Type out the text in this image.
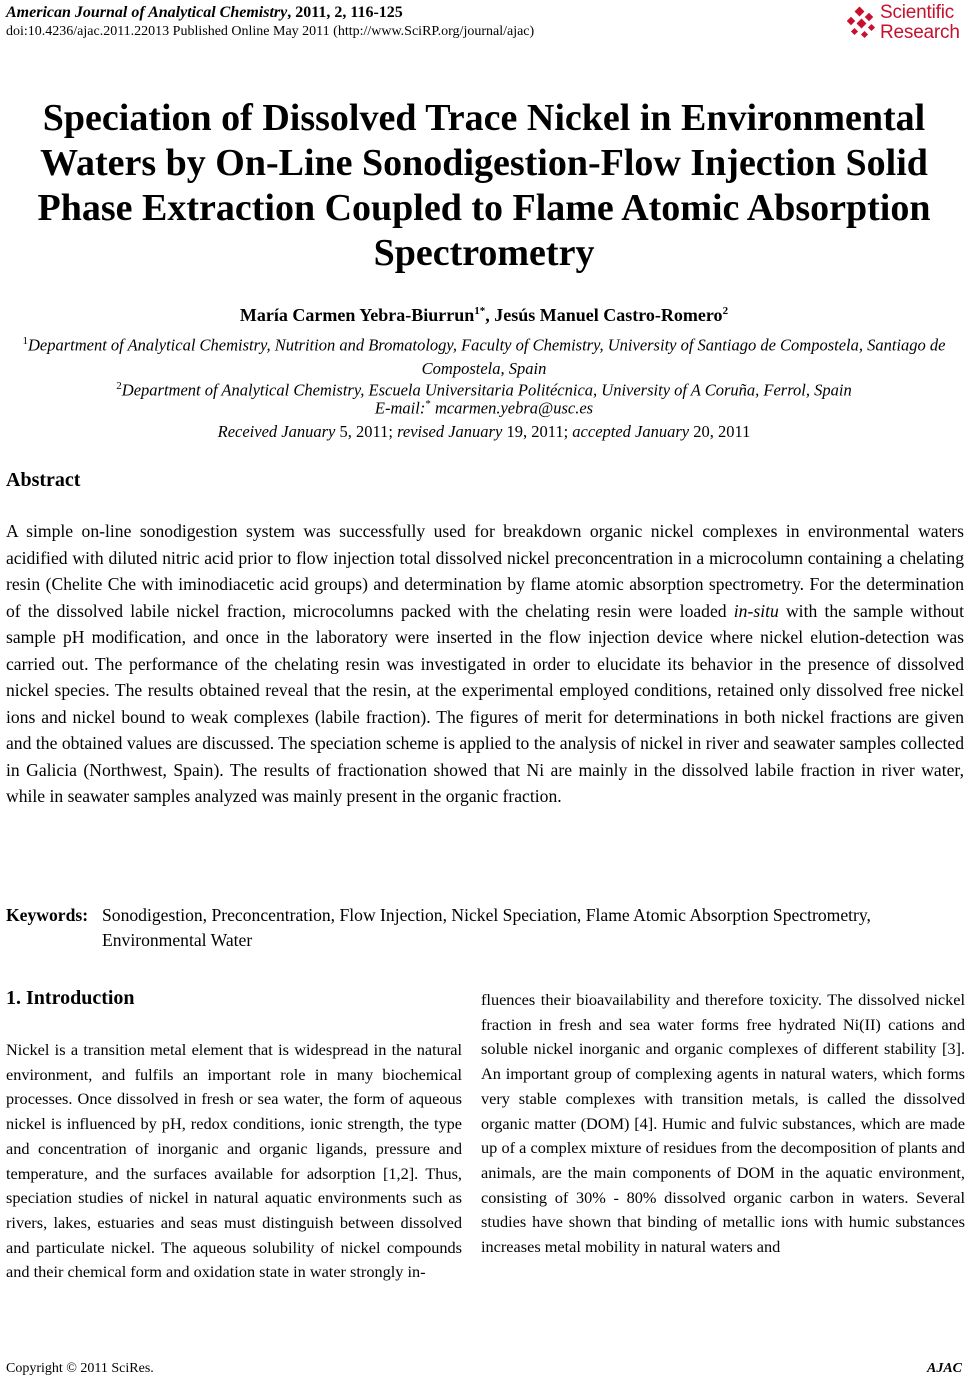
American Journal of Analytical Chemistry, 2011, 2, 116-125
doi:10.4236/ajac.2011.22013 Published Online May 2011 (http://www.SciRP.org/journal/ajac)
Scientific
Research
Speciation of Dissolved Trace Nickel in Environmental Waters by On-Line Sonodigestion-Flow Injection Solid Phase Extraction Coupled to Flame Atomic Absorption Spectrometry
María Carmen Yebra-Biurrun$^{1*}$, Jesús Manuel Castro-Romero$^2$
$^1$Department of Analytical Chemistry, Nutrition and Bromatology, Faculty of Chemistry, University of Santiago de Compostela, Santiago de Compostela, Spain
$^2$Department of Analytical Chemistry, Escuela Universitaria Politécnica, University of A Coruña, Ferrol, Spain
E-mail:* mcarmen.yebra@usc.es
Received January 5, 2011; revised January 19, 2011; accepted January 20, 2011
Abstract
A simple on-line sonodigestion system was successfully used for breakdown organic nickel complexes in environmental waters acidified with diluted nitric acid prior to flow injection total dissolved nickel preconcentration in a microcolumn containing a chelating resin (Chelite Che with iminodiacetic acid groups) and determination by flame atomic absorption spectrometry. For the determination of the dissolved labile nickel fraction, microcolumns packed with the chelating resin were loaded in-situ with the sample without sample pH modification, and once in the laboratory were inserted in the flow injection device where nickel elution-detection was carried out. The performance of the chelating resin was investigated in order to elucidate its behavior in the presence of dissolved nickel species. The results obtained reveal that the resin, at the experimental employed conditions, retained only dissolved free nickel ions and nickel bound to weak complexes (labile fraction). The figures of merit for determinations in both nickel fractions are given and the obtained values are discussed. The speciation scheme is applied to the analysis of nickel in river and seawater samples collected in Galicia (Northwest, Spain). The results of fractionation showed that Ni are mainly in the dissolved labile fraction in river water, while in seawater samples analyzed was mainly present in the organic fraction.
Keywords: Sonodigestion, Preconcentration, Flow Injection, Nickel Speciation, Flame Atomic Absorption Spectrometry, Environmental Water
1. Introduction
Nickel is a transition metal element that is widespread in the natural environment, and fulfils an important role in many biochemical processes. Once dissolved in fresh or sea water, the form of aqueous nickel is influenced by pH, redox conditions, ionic strength, the type and concentration of inorganic and organic ligands, pressure and temperature, and the surfaces available for adsorption [1,2]. Thus, speciation studies of nickel in natural aquatic environments such as rivers, lakes, estuaries and seas must distinguish between dissolved and particulate nickel. The aqueous solubility of nickel compounds and their chemical form and oxidation state in water strongly in-
fluences their bioavailability and therefore toxicity. The dissolved nickel fraction in fresh and sea water forms free hydrated Ni(II) cations and soluble nickel inorganic and organic complexes of different stability [3]. An important group of complexing agents in natural waters, which forms very stable complexes with transition metals, is called the dissolved organic matter (DOM) [4]. Humic and fulvic substances, which are made up of a complex mixture of residues from the decomposition of plants and animals, are the main components of DOM in the aquatic environment, consisting of 30% - 80% dissolved organic carbon in waters. Several studies have shown that binding of metallic ions with humic substances increases metal mobility in natural waters and
Copyright © 2011 SciRes.	AJAC
